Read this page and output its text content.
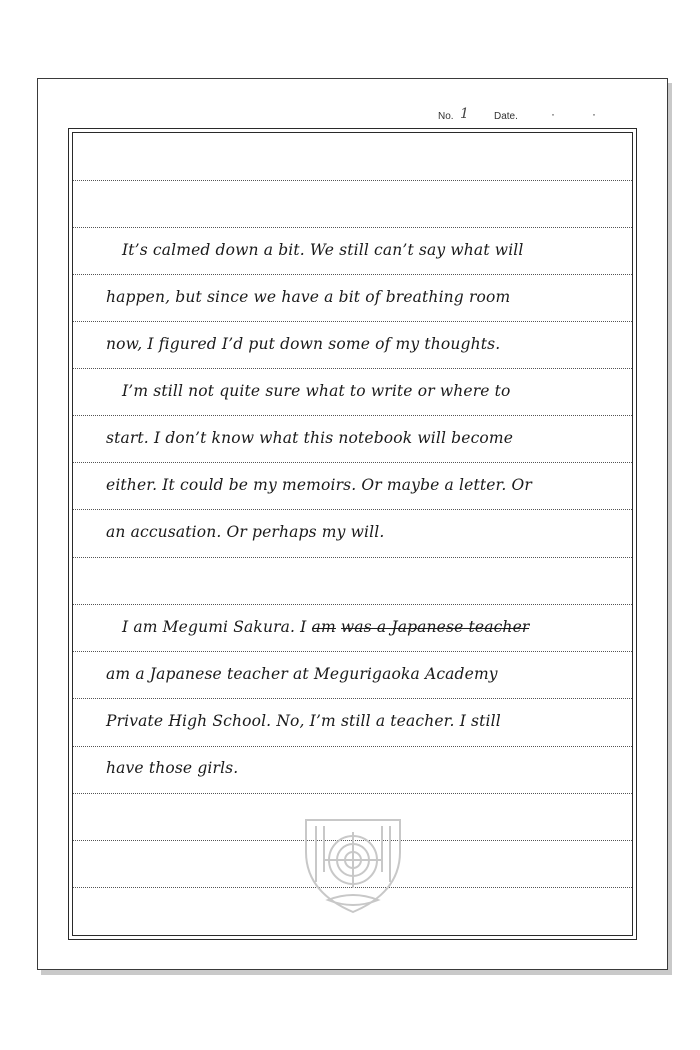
No. 1	Date.	·	·
It’s calmed down a bit. We still can’t say what will
happen, but since we have a bit of breathing room
now, I figured I’d put down some of my thoughts.
I’m still not quite sure what to write or where to
start. I don’t know what this notebook will become
either. It could be my memoirs. Or maybe a letter. Or
an accusation. Or perhaps my will.
I am Megumi Sakura. I am was a Japanese teacher
am a Japanese teacher at Megurigaoka Academy
Private High School. No, I’m still a teacher. I still
have those girls.
